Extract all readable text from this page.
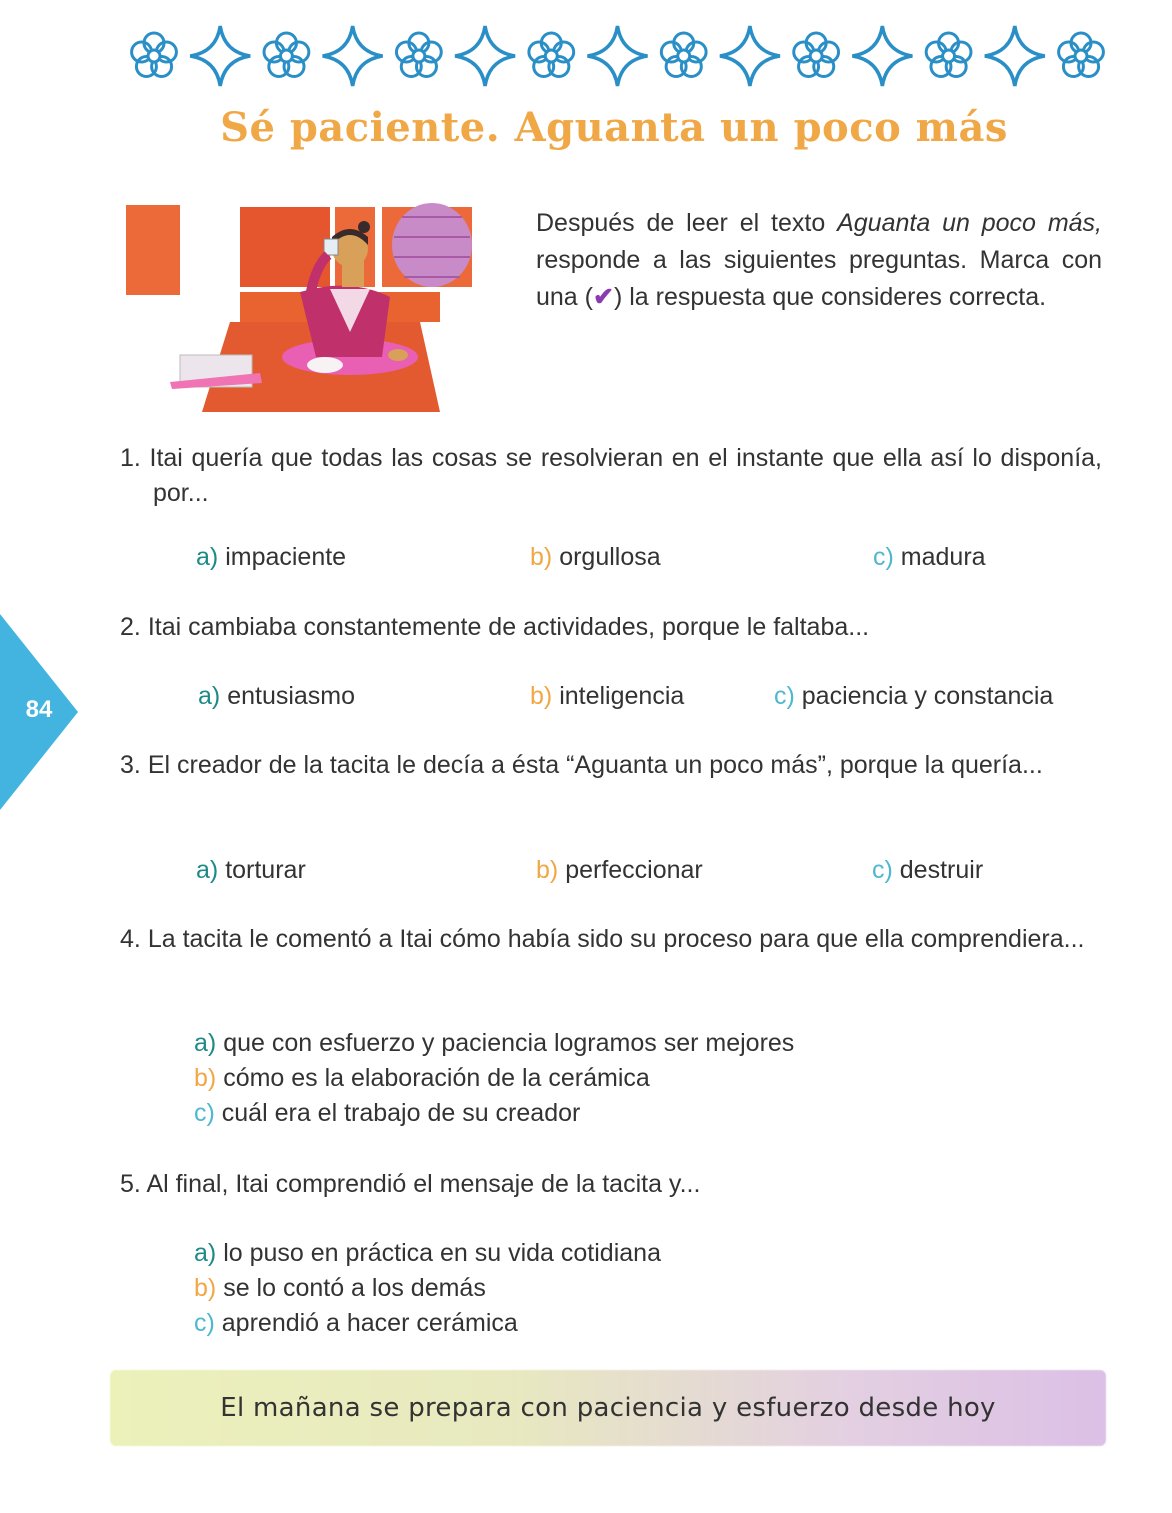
Sé paciente. Aguanta un poco más
Después de leer el texto Aguanta un poco más, responde a las siguientes preguntas. Marca con una (✔) la respuesta que consideres correcta.

1. Itai quería que todas las cosas se resolvieran en el instante que ella así lo disponía, por...

a) impaciente	b) orgullosa	c) madura

2. Itai cambiaba constantemente de actividades, porque le faltaba...

a) entusiasmo	b) inteligencia	c) paciencia y constancia

3. El creador de la tacita le decía a ésta “Aguanta un poco más”, porque la quería...

a) torturar	b) perfeccionar	c) destruir

4. La tacita le comentó a Itai cómo había sido su proceso para que ella comprendiera...

a) que con esfuerzo y paciencia logramos ser mejores
b) cómo es la elaboración de la cerámica
c) cuál era el trabajo de su creador

5. Al final, Itai comprendió el mensaje de la tacita y...

a) lo puso en práctica en su vida cotidiana
b) se lo contó a los demás
c) aprendió a hacer cerámica
84
El mañana se prepara con paciencia y esfuerzo desde hoy
